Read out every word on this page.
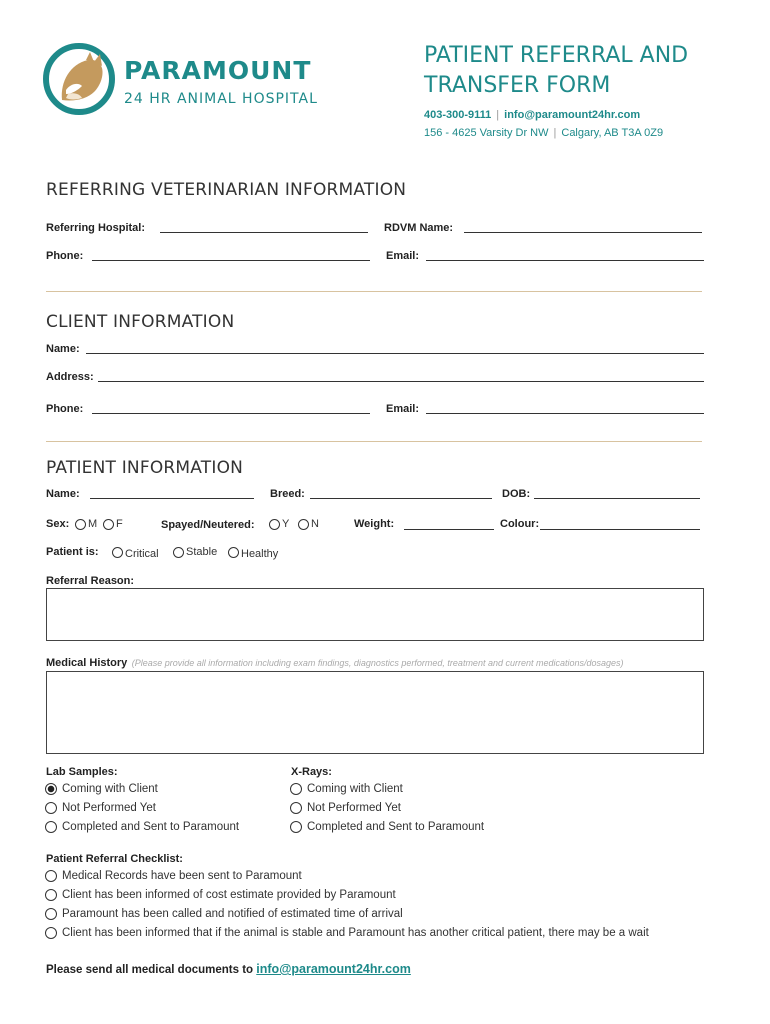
PARAMOUNT
24 HR ANIMAL HOSPITAL
PATIENT REFERRAL AND
TRANSFER FORM
403-300-9111 | info@paramount24hr.com
156 - 4625 Varsity Dr NW | Calgary, AB T3A 0Z9
REFERRING VETERINARIAN INFORMATION
Referring Hospital:	RDVM Name:
Phone:	Email:
CLIENT INFORMATION
Name:
Address:
Phone:	Email:
PATIENT INFORMATION
Name:	Breed:	DOB:
Sex: M F	Spayed/Neutered: Y N	Weight:	Colour:
Patient is: Critical Stable Healthy
Referral Reason:
Medical History (Please provide all information including exam findings, diagnostics performed, treatment and current medications/dosages)
Lab Samples:
Coming with Client
Not Performed Yet
Completed and Sent to Paramount
X-Rays:
Coming with Client
Not Performed Yet
Completed and Sent to Paramount
Patient Referral Checklist:
Medical Records have been sent to Paramount
Client has been informed of cost estimate provided by Paramount
Paramount has been called and notified of estimated time of arrival
Client has been informed that if the animal is stable and Paramount has another critical patient, there may be a wait
Please send all medical documents to info@paramount24hr.com
